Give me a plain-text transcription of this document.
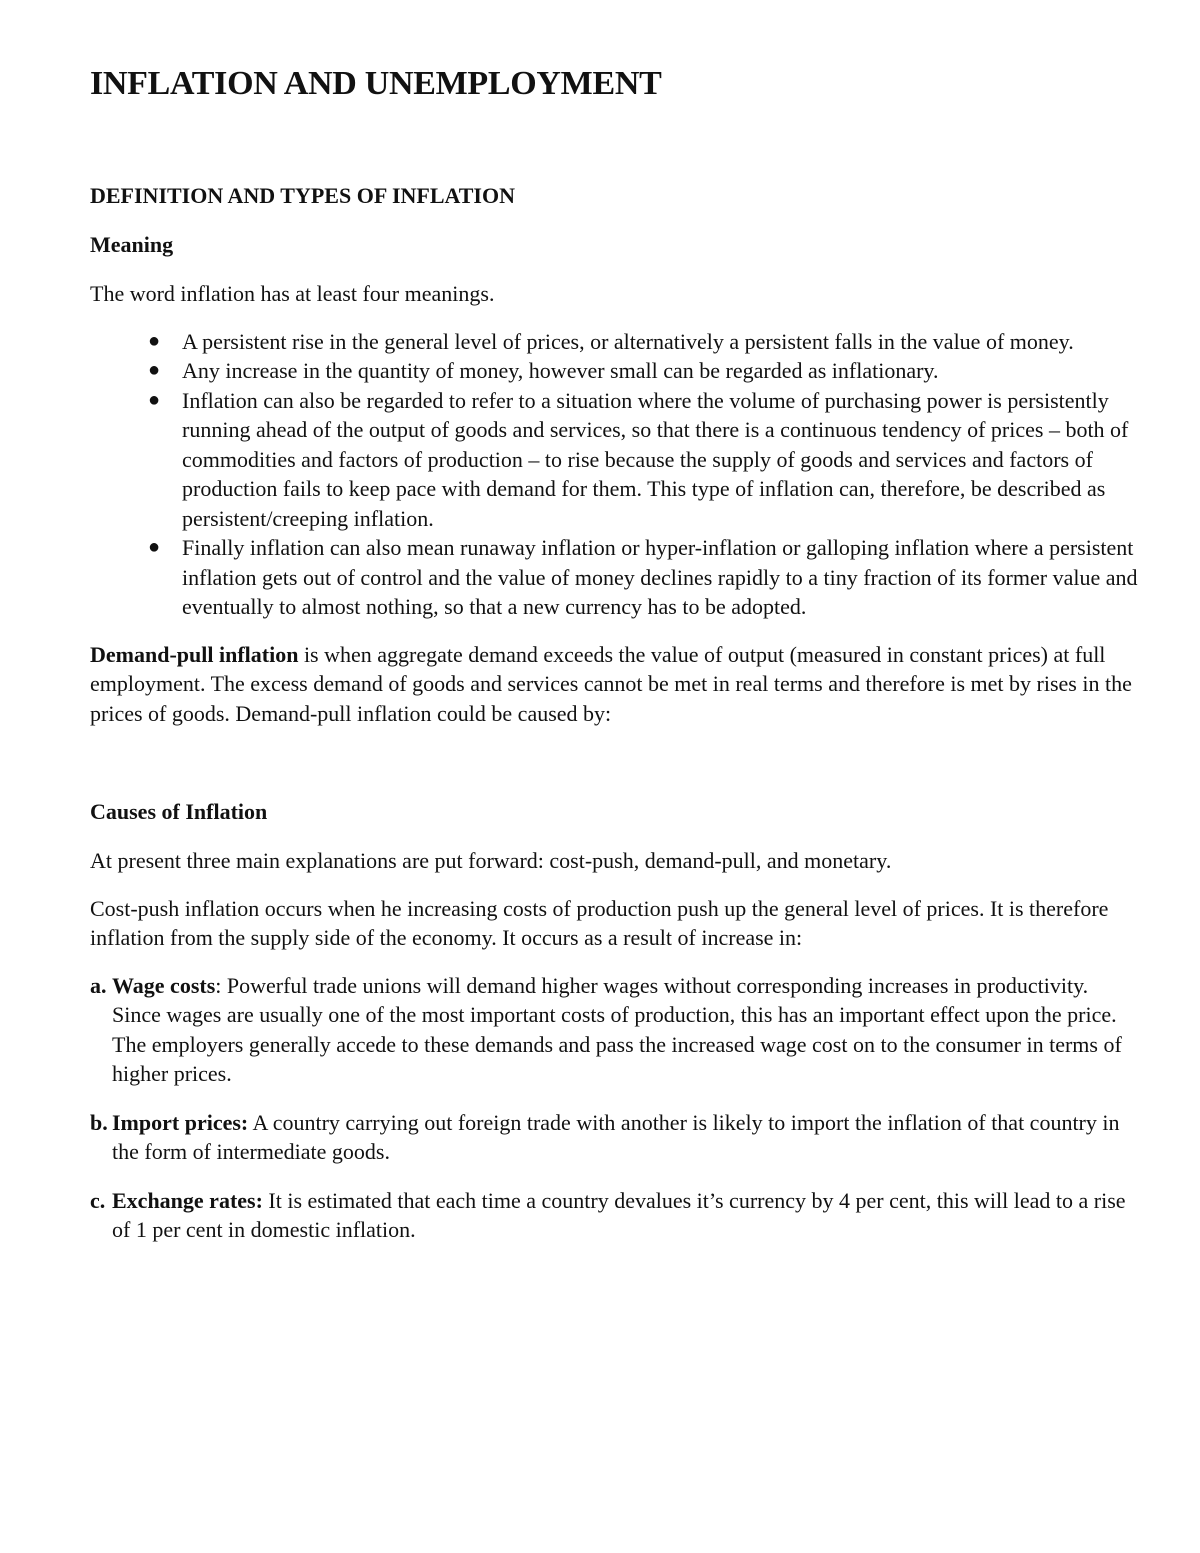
INFLATION AND UNEMPLOYMENT
DEFINITION AND TYPES OF INFLATION
Meaning

The word inflation has at least four meanings.

● A persistent rise in the general level of prices, or alternatively a persistent falls in the value of money.
● Any increase in the quantity of money, however small can be regarded as inflationary.
● Inflation can also be regarded to refer to a situation where the volume of purchasing power is persistently running ahead of the output of goods and services, so that there is a continuous tendency of prices – both of commodities and factors of production – to rise because the supply of goods and services and factors of production fails to keep pace with demand for them. This type of inflation can, therefore, be described as persistent/creeping inflation.
● Finally inflation can also mean runaway inflation or hyper-inflation or galloping inflation where a persistent inflation gets out of control and the value of money declines rapidly to a tiny fraction of its former value and eventually to almost nothing, so that a new currency has to be adopted.

Demand-pull inflation is when aggregate demand exceeds the value of output (measured in constant prices) at full employment. The excess demand of goods and services cannot be met in real terms and therefore is met by rises in the prices of goods. Demand-pull inflation could be caused by:

Causes of Inflation

At present three main explanations are put forward: cost-push, demand-pull, and monetary.

Cost-push inflation occurs when he increasing costs of production push up the general level of prices. It is therefore inflation from the supply side of the economy. It occurs as a result of increase in:

a. Wage costs: Powerful trade unions will demand higher wages without corresponding increases in productivity. Since wages are usually one of the most important costs of production, this has an important effect upon the price. The employers generally accede to these demands and pass the increased wage cost on to the consumer in terms of higher prices.
b. Import prices: A country carrying out foreign trade with another is likely to import the inflation of that country in the form of intermediate goods.
c. Exchange rates: It is estimated that each time a country devalues it’s currency by 4 per cent, this will lead to a rise of 1 per cent in domestic inflation.
